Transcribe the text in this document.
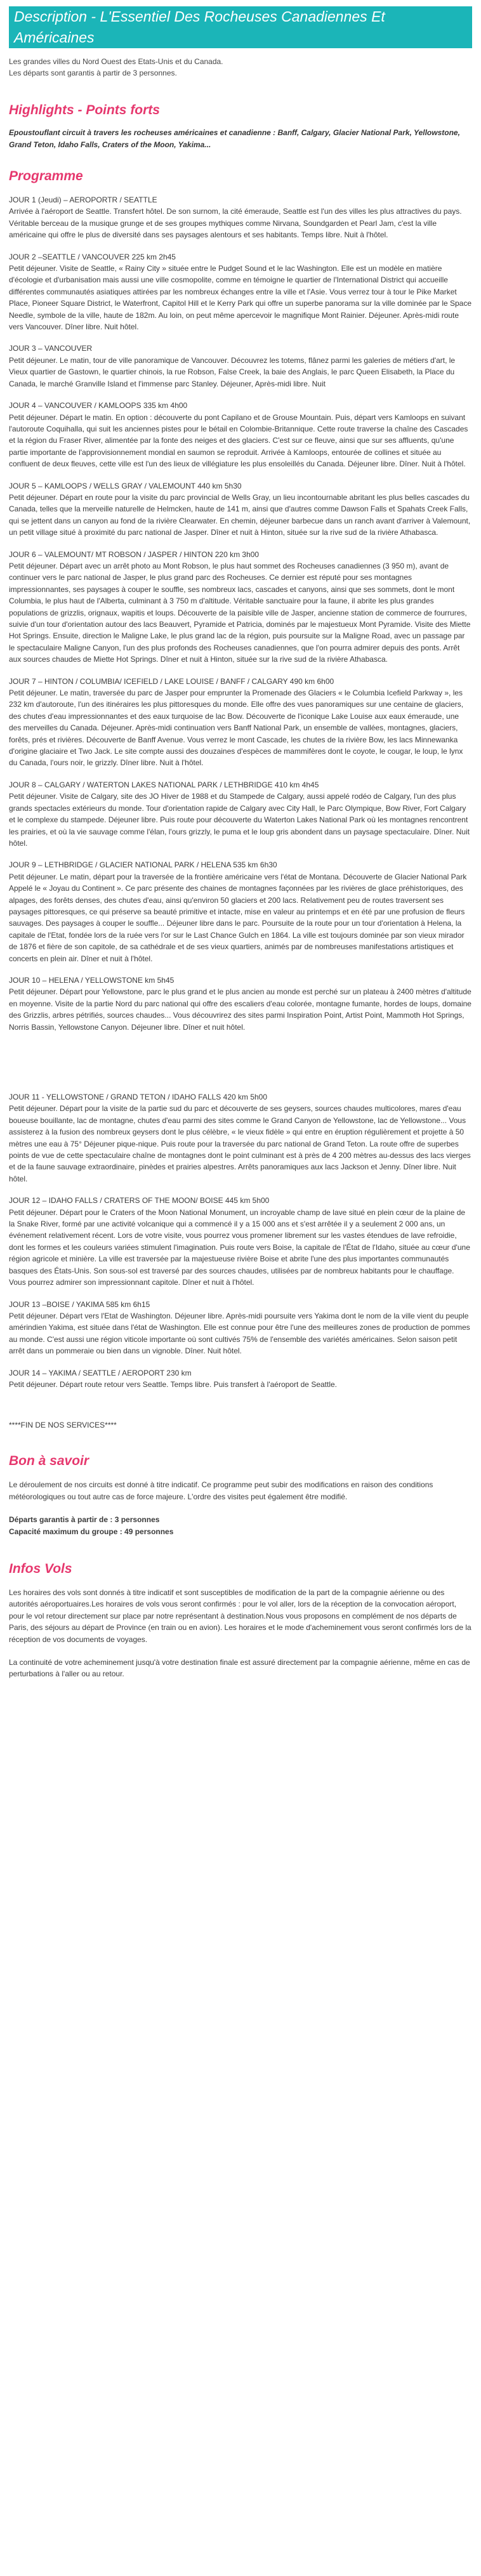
Description - L'Essentiel Des Rocheuses Canadiennes Et Américaines

Les grandes villes du Nord Ouest des Etats-Unis et du Canada.

Les départs sont garantis à partir de 3 personnes.

Highlights - Points forts
Epoustouflant circuit à travers les rocheuses américaines et canadienne : Banff, Calgary, Glacier National Park, Yellowstone, Grand Teton, Idaho Falls, Craters of the Moon, Yakima...
Programme

JOUR 1 (Jeudi) – AEROPORTR / SEATTLE

Arrivée à l'aéroport de Seattle. Transfert hôtel. De son surnom, la cité émeraude, Seattle est l'un des villes les plus attractives du pays. Véritable berceau de la musique grunge et de ses groupes mythiques comme Nirvana, Soundgarden et Pearl Jam, c'est la ville américaine qui offre le plus de diversité dans ses paysages alentours et ses habitants. Temps libre. Nuit à l'hôtel.

JOUR 2 –SEATTLE / VANCOUVER 225 km 2h45

Petit déjeuner. Visite de Seattle, « Rainy City » située entre le Pudget Sound et le lac Washington. Elle est un modèle en matière d'écologie et d'urbanisation mais aussi une ville cosmopolite, comme en témoigne le quartier de l'International District qui accueille différentes communautés asiatiques attirées par les nombreux échanges entre la ville et l'Asie. Vous verrez tour à tour le Pike Market Place, Pioneer Square District, le Waterfront, Capitol Hill et le Kerry Park qui offre un superbe panorama sur la ville dominée par le Space Needle, symbole de la ville, haute de 182m. Au loin, on peut même apercevoir le magnifique Mont Rainier. Déjeuner. Après-midi route vers Vancouver. Dîner libre. Nuit hôtel.

JOUR 3 – VANCOUVER

Petit déjeuner. Le matin, tour de ville panoramique de Vancouver. Découvrez les totems, flânez parmi les galeries de métiers d'art, le Vieux quartier de Gastown, le quartier chinois, la rue Robson, False Creek, la baie des Anglais, le parc Queen Elisabeth, la Place du Canada, le marché Granville Island et l'immense parc Stanley. Déjeuner, Après-midi libre. Nuit

JOUR 4 – VANCOUVER / KAMLOOPS 335 km 4h00

Petit déjeuner. Départ le matin. En option : découverte du pont Capilano et de Grouse Mountain. Puis, départ vers Kamloops en suivant l'autoroute Coquihalla, qui suit les anciennes pistes pour le bétail en Colombie-Britannique. Cette route traverse la chaîne des Cascades et la région du Fraser River, alimentée par la fonte des neiges et des glaciers. C'est sur ce fleuve, ainsi que sur ses affluents, qu'une partie importante de l'approvisionnement mondial en saumon se reproduit. Arrivée à Kamloops, entourée de collines et située au confluent de deux fleuves, cette ville est l'un des lieux de villégiature les plus ensoleillés du Canada. Déjeuner libre. Dîner. Nuit à l'hôtel.

JOUR 5 – KAMLOOPS / WELLS GRAY / VALEMOUNT 440 km 5h30

Petit déjeuner. Départ en route pour la visite du parc provincial de Wells Gray, un lieu incontournable abritant les plus belles cascades du Canada, telles que la merveille naturelle de Helmcken, haute de 141 m, ainsi que d'autres comme Dawson Falls et Spahats Creek Falls, qui se jettent dans un canyon au fond de la rivière Clearwater. En chemin, déjeuner barbecue dans un ranch avant d'arriver à Valemount, un petit village situé à proximité du parc national de Jasper. Dîner et nuit à Hinton, située sur la rive sud de la rivière Athabasca.

JOUR 6 – VALEMOUNT/ MT ROBSON / JASPER / HINTON 220 km 3h00

Petit déjeuner. Départ avec un arrêt photo au Mont Robson, le plus haut sommet des Rocheuses canadiennes (3 950 m), avant de continuer vers le parc national de Jasper, le plus grand parc des Rocheuses. Ce dernier est réputé pour ses montagnes impressionnantes, ses paysages à couper le souffle, ses nombreux lacs, cascades et canyons, ainsi que ses sommets, dont le mont Columbia, le plus haut de l'Alberta, culminant à 3 750 m d'altitude. Véritable sanctuaire pour la faune, il abrite les plus grandes populations de grizzlis, orignaux, wapitis et loups. Découverte de la paisible ville de Jasper, ancienne station de commerce de fourrures, suivie d'un tour d'orientation autour des lacs Beauvert, Pyramide et Patricia, dominés par le majestueux Mont Pyramide. Visite des Miette Hot Springs. Ensuite, direction le Maligne Lake, le plus grand lac de la région, puis poursuite sur la Maligne Road, avec un passage par le spectaculaire Maligne Canyon, l'un des plus profonds des Rocheuses canadiennes, que l'on pourra admirer depuis des ponts. Arrêt aux sources chaudes de Miette Hot Springs. Dîner et nuit à Hinton, située sur la rive sud de la rivière Athabasca.

JOUR 7 – HINTON / COLUMBIA/ ICEFIELD / LAKE LOUISE / BANFF / CALGARY 490 km 6h00

Petit déjeuner. Le matin, traversée du parc de Jasper pour emprunter la Promenade des Glaciers « le Columbia Icefield Parkway », les 232 km d'autoroute, l'un des itinéraires les plus pittoresques du monde. Elle offre des vues panoramiques sur une centaine de glaciers, des chutes d'eau impressionnantes et des eaux turquoise de lac Bow. Découverte de l'iconique Lake Louise aux eaux émeraude, une des merveilles du Canada. Déjeuner. Après-midi continuation vers Banff National Park, un ensemble de vallées, montagnes, glaciers, forêts, prés et rivières. Découverte de Banff Avenue. Vous verrez le mont Cascade, les chutes de la rivière Bow, les lacs Minnewanka d'origine glaciaire et Two Jack. Le site compte aussi des douzaines d'espèces de mammifères dont le coyote, le cougar, le loup, le lynx du Canada, l'ours noir, le grizzly. Dîner libre. Nuit à l'hôtel.

JOUR 8 – CALGARY / WATERTON LAKES NATIONAL PARK / LETHBRIDGE 410 km 4h45

Petit déjeuner. Visite de Calgary, site des JO Hiver de 1988 et du Stampede de Calgary, aussi appelé rodéo de Calgary, l'un des plus grands spectacles extérieurs du monde. Tour d'orientation rapide de Calgary avec City Hall, le Parc Olympique, Bow River, Fort Calgary et le complexe du stampede. Déjeuner libre. Puis route pour découverte du Waterton Lakes National Park où les montagnes rencontrent les prairies, et où la vie sauvage comme l'élan, l'ours grizzly, le puma et le loup gris abondent dans un paysage spectaculaire. Dîner. Nuit hôtel.

JOUR 9 – LETHBRIDGE / GLACIER NATIONAL PARK / HELENA 535 km 6h30

Petit déjeuner. Le matin, départ pour la traversée de la frontière américaine vers l'état de Montana. Découverte de Glacier National Park Appelé le « Joyau du Continent ». Ce parc présente des chaines de montagnes façonnées par les rivières de glace préhistoriques, des alpages, des forêts denses, des chutes d'eau, ainsi qu'environ 50 glaciers et 200 lacs. Relativement peu de routes traversent ses paysages pittoresques, ce qui préserve sa beauté primitive et intacte, mise en valeur au printemps et en été par une profusion de fleurs sauvages. Des paysages à couper le souffle... Déjeuner libre dans le parc. Poursuite de la route pour un tour d'orientation à Helena, la capitale de l'Etat, fondée lors de la ruée vers l'or sur le Last Chance Gulch en 1864. La ville est toujours dominée par son vieux mirador de 1876 et fière de son capitole, de sa cathédrale et de ses vieux quartiers, animés par de nombreuses manifestations artistiques et concerts en plein air. Dîner et nuit à l'hôtel.

JOUR 10 – HELENA / YELLOWSTONE km 5h45

Petit déjeuner. Départ pour Yellowstone, parc le plus grand et le plus ancien au monde est perché sur un plateau à 2400 mètres d'altitude en moyenne. Visite de la partie Nord du parc national qui offre des escaliers d'eau colorée, montagne fumante, hordes de loups, domaine des Grizzlis, arbres pétrifiés, sources chaudes... Vous découvrirez des sites parmi Inspiration Point, Artist Point, Mammoth Hot Springs, Norris Bassin, Yellowstone Canyon. Déjeuner libre. Dîner et nuit hôtel.

JOUR 11 - YELLOWSTONE / GRAND TETON / IDAHO FALLS 420 km 5h00

Petit déjeuner. Départ pour la visite de la partie sud du parc et découverte de ses geysers, sources chaudes multicolores, mares d'eau boueuse bouillante, lac de montagne, chutes d'eau parmi des sites comme le Grand Canyon de Yellowstone, lac de Yellowstone... Vous assisterez à la fusion des nombreux geysers dont le plus célèbre, « le vieux fidèle » qui entre en éruption régulièrement et projette à 50 mètres une eau à 75° Déjeuner pique-nique. Puis route pour la traversée du parc national de Grand Teton. La route offre de superbes points de vue de cette spectaculaire chaîne de montagnes dont le point culminant est à près de 4 200 mètres au-dessus des lacs vierges et de la faune sauvage extraordinaire, pinèdes et prairies alpestres. Arrêts panoramiques aux lacs Jackson et Jenny. Dîner libre. Nuit hôtel.

JOUR 12 – IDAHO FALLS / CRATERS OF THE MOON/ BOISE 445 km 5h00

Petit déjeuner. Départ pour le Craters of the Moon National Monument, un incroyable champ de lave situé en plein cœur de la plaine de la Snake River, formé par une activité volcanique qui a commencé il y a 15 000 ans et s'est arrêtée il y a seulement 2 000 ans, un événement relativement récent. Lors de votre visite, vous pourrez vous promener librement sur les vastes étendues de lave refroidie, dont les formes et les couleurs variées stimulent l'imagination. Puis route vers Boise, la capitale de l'État de l'Idaho, située au cœur d'une région agricole et minière. La ville est traversée par la majestueuse rivière Boise et abrite l'une des plus importantes communautés basques des États-Unis. Son sous-sol est traversé par des sources chaudes, utilisées par de nombreux habitants pour le chauffage. Vous pourrez admirer son impressionnant capitole. Dîner et nuit à l'hôtel.

JOUR 13 –BOISE / YAKIMA 585 km 6h15

Petit déjeuner. Départ vers l'Etat de Washington. Déjeuner libre. Après-midi poursuite vers Yakima dont le nom de la ville vient du peuple amérindien Yakima, est située dans l'état de Washington. Elle est connue pour être l'une des meilleures zones de production de pommes au monde. C'est aussi une région viticole importante où sont cultivés 75% de l'ensemble des variétés américaines. Selon saison petit arrêt dans un pommeraie ou bien dans un vignoble. Dîner. Nuit hôtel.

JOUR 14 – YAKIMA / SEATTLE / AEROPORT 230 km

Petit déjeuner. Départ route retour vers Seattle. Temps libre. Puis transfert à l'aéroport de Seattle.

****FIN DE NOS SERVICES****
Bon à savoir

Le déroulement de nos circuits est donné à titre indicatif. Ce programme peut subir des modifications en raison des conditions météorologiques ou tout autre cas de force majeure. L'ordre des visites peut également être modifié.

Départs garantis à partir de : 3 personnes

Capacité maximum du groupe : 49 personnes

Infos Vols

Les horaires des vols sont donnés à titre indicatif et sont susceptibles de modification de la part de la compagnie aérienne ou des autorités aéroportuaires.Les horaires de vols vous seront confirmés : pour le vol aller, lors de la réception de la convocation aéroport, pour le vol retour directement sur place par notre représentant à destination.Nous vous proposons en complément de nos départs de Paris, des séjours au départ de Province (en train ou en avion). Les horaires et le mode d'acheminement vous seront confirmés lors de la réception de vos documents de voyages.

La continuité de votre acheminement jusqu'à votre destination finale est assuré directement par la compagnie aérienne, même en cas de perturbations à l'aller ou au retour.
